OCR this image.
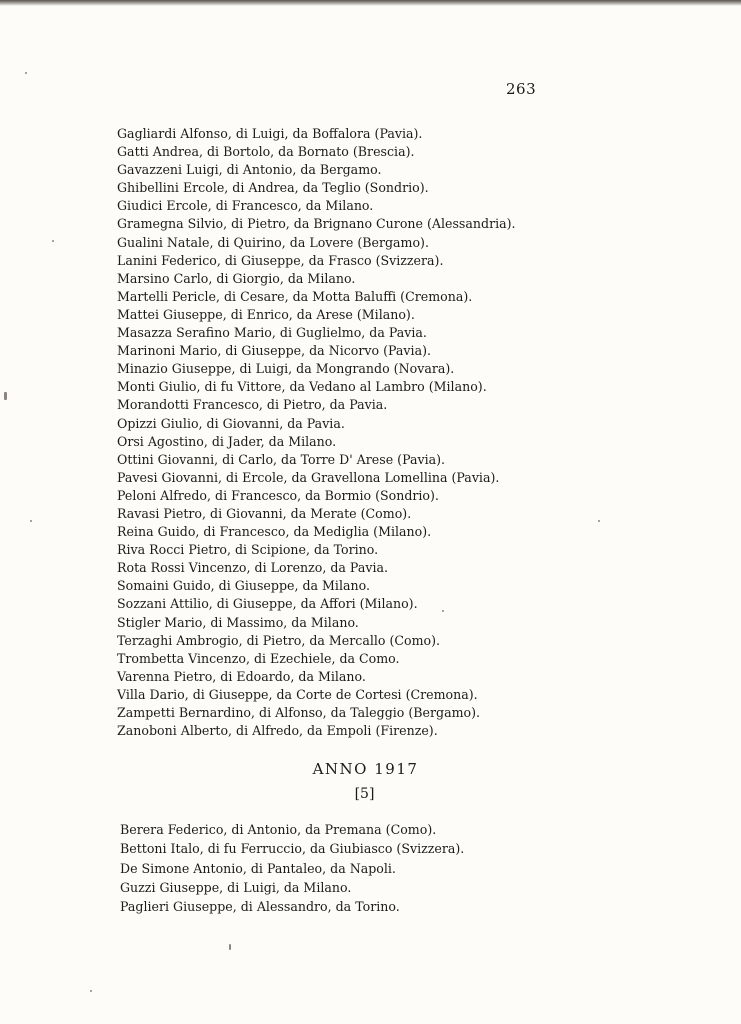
263
Gagliardi Alfonso, di Luigi, da Boffalora (Pavia).
Gatti Andrea, di Bortolo, da Bornato (Brescia).
Gavazzeni Luigi, di Antonio, da Bergamo.
Ghibellini Ercole, di Andrea, da Teglio (Sondrio).
Giudici Ercole, di Francesco, da Milano.
Gramegna Silvio, di Pietro, da Brignano Curone (Alessandria).
Gualini Natale, di Quirino, da Lovere (Bergamo).
Lanini Federico, di Giuseppe, da Frasco (Svizzera).
Marsino Carlo, di Giorgio, da Milano.
Martelli Pericle, di Cesare, da Motta Baluffi (Cremona).
Mattei Giuseppe, di Enrico, da Arese (Milano).
Masazza Serafino Mario, di Guglielmo, da Pavia.
Marinoni Mario, di Giuseppe, da Nicorvo (Pavia).
Minazio Giuseppe, di Luigi, da Mongrando (Novara).
Monti Giulio, di fu Vittore, da Vedano al Lambro (Milano).
Morandotti Francesco, di Pietro, da Pavia.
Opizzi Giulio, di Giovanni, da Pavia.
Orsi Agostino, di Jader, da Milano.
Ottini Giovanni, di Carlo, da Torre D' Arese (Pavia).
Pavesi Giovanni, di Ercole, da Gravellona Lomellina (Pavia).
Peloni Alfredo, di Francesco, da Bormio (Sondrio).
Ravasi Pietro, di Giovanni, da Merate (Como).
Reina Guido, di Francesco, da Mediglia (Milano).
Riva Rocci Pietro, di Scipione, da Torino.
Rota Rossi Vincenzo, di Lorenzo, da Pavia.
Somaini Guido, di Giuseppe, da Milano.
Sozzani Attilio, di Giuseppe, da Affori (Milano).
Stigler Mario, di Massimo, da Milano.
Terzaghi Ambrogio, di Pietro, da Mercallo (Como).
Trombetta Vincenzo, di Ezechiele, da Como.
Varenna Pietro, di Edoardo, da Milano.
Villa Dario, di Giuseppe, da Corte de Cortesi (Cremona).
Zampetti Bernardino, di Alfonso, da Taleggio (Bergamo).
Zanoboni Alberto, di Alfredo, da Empoli (Firenze).
ANNO 1917
[5]
Berera Federico, di Antonio, da Premana (Como).
Bettoni Italo, di fu Ferruccio, da Giubiasco (Svizzera).
De Simone Antonio, di Pantaleo, da Napoli.
Guzzi Giuseppe, di Luigi, da Milano.
Paglieri Giuseppe, di Alessandro, da Torino.
